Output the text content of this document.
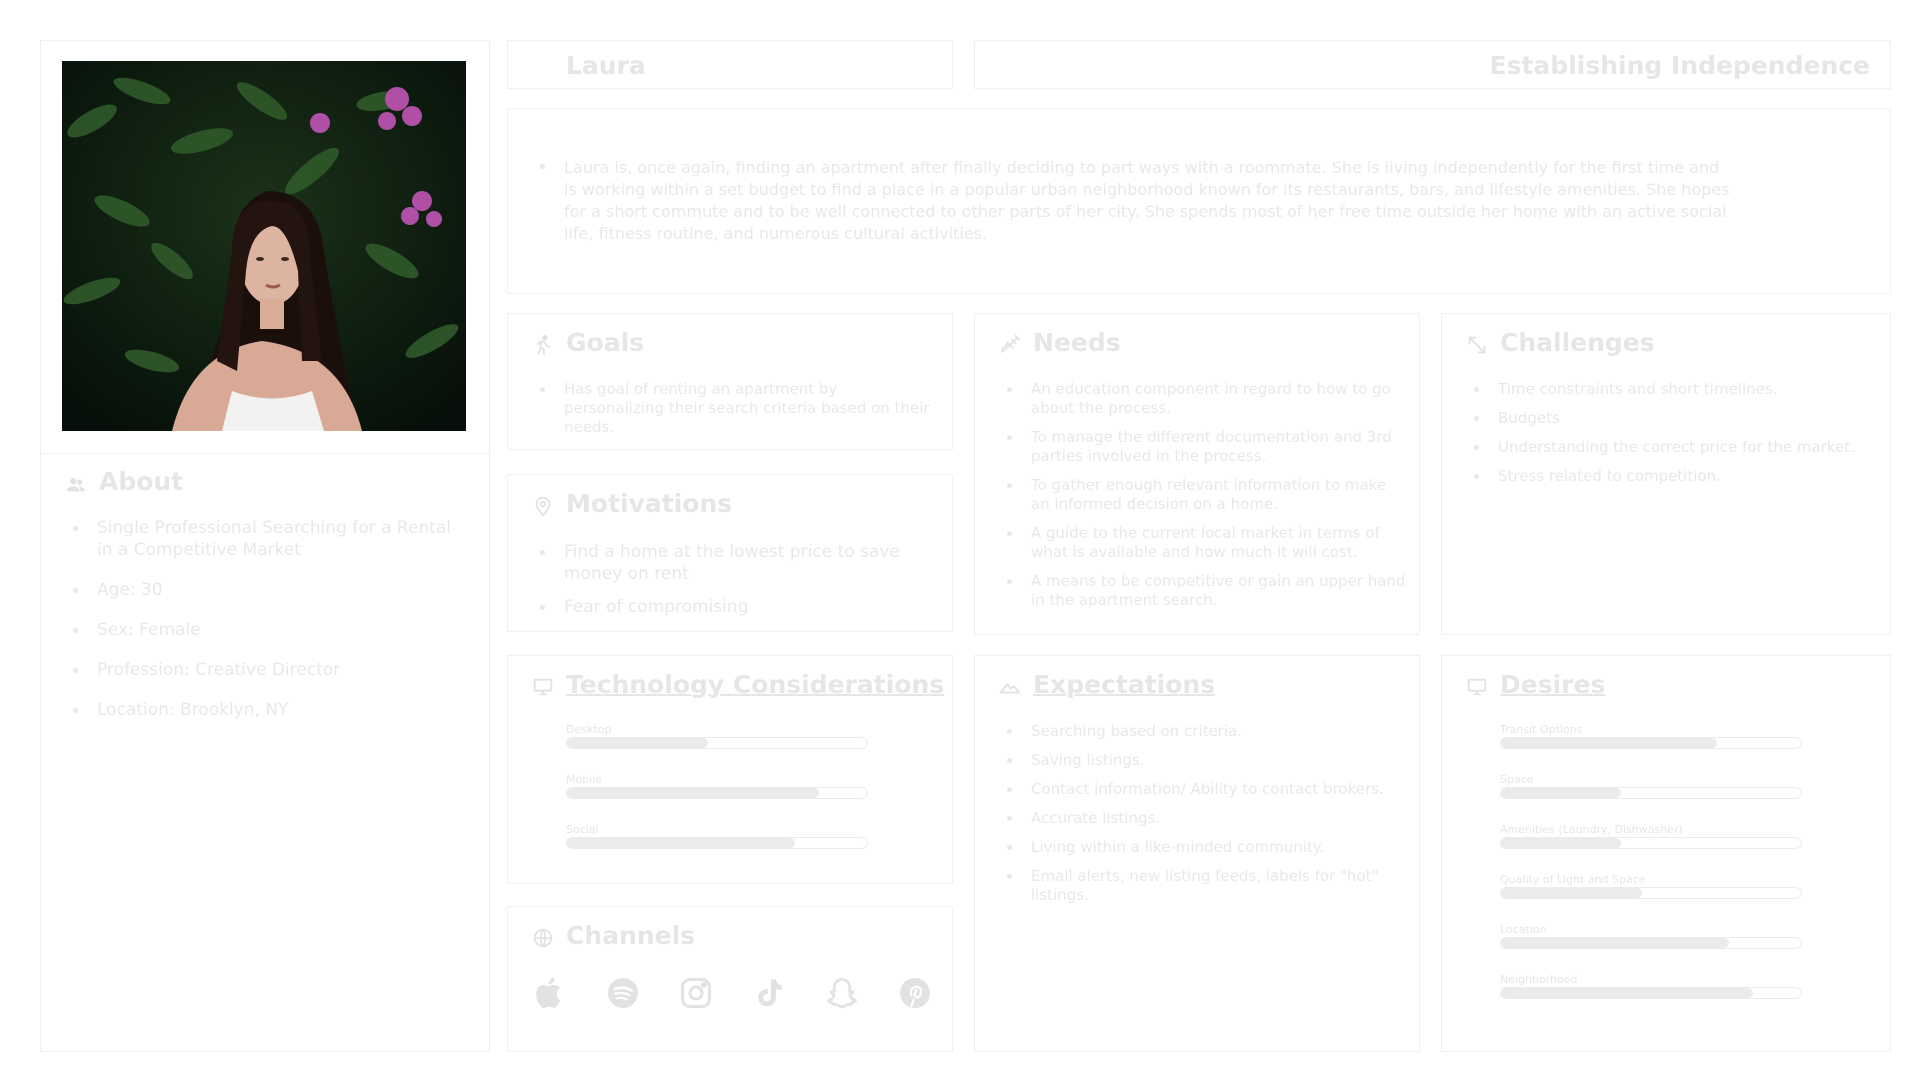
About
Single Professional Searching for a Rental in a Competitive Market
Age: 30
Sex: Female
Profession: Creative Director
Location: Brooklyn, NY
Laura	Establishing Independence
Laura is, once again, finding an apartment after finally deciding to part ways with a roommate. She is living independently for the first time and is working within a set budget to find a place in a popular urban neighborhood known for its restaurants, bars, and lifestyle amenities. She hopes for a short commute and to be well connected to other parts of her city. She spends most of her free time outside her home with an active social life, fitness routine, and numerous cultural activities.
Goals
Has goal of renting an apartment by personalizing their search criteria based on their needs.
Motivations
Find a home at the lowest price to save money on rent
Fear of compromising
Needs
An education component in regard to how to go about the process.
To manage the different documentation and 3rd parties involved in the process.
To gather enough relevant information to make an informed decision on a home.
A guide to the current local market in terms of what is available and how much it will cost.
A means to be competitive or gain an upper hand in the apartment search.
Challenges
Time constraints and short timelines.
Budgets
Understanding the correct price for the market.
Stress related to competition.
Technology Considerations
Desktop
Mobile
Social
Channels

Expectations
Searching based on criteria.
Saving listings.
Contact information/ Ability to contact brokers.
Accurate listings.
Living within a like-minded community.
Email alerts, new listing feeds, labels for "hot" listings.
Desires
Transit Options
Space
Amenities (Laundry, Dishwasher)
Quality of Light and Space
Location
Neighborhood
